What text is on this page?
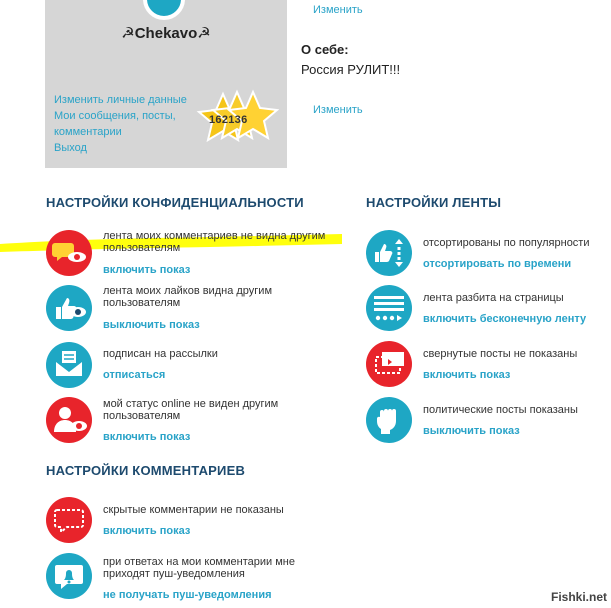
☭Chekavo☭
Изменить личные данные
Мои сообщения, посты,
комментарии
Выход
162136
Изменить
О себе:
Россия РУЛИТ!!!
Изменить
НАСТРОЙКИ КОНФИДЕНЦИАЛЬНОСТИ
лента моих комментариев не видна другим
пользователям
включить показ
лента моих лайков видна другим
пользователям
выключить показ
подписан на рассылки
отписаться
мой статус online не виден другим
пользователям
включить показ
НАСТРОЙКИ КОММЕНТАРИЕВ
скрытые комментарии не показаны
включить показ
при ответах на мои комментарии мне
приходят пуш-уведомления
не получать пуш-уведомления
НАСТРОЙКИ ЛЕНТЫ
отсортированы по популярности
отсортировать по времени
лента разбита на страницы
включить бесконечную ленту
свернутые посты не показаны
включить показ
политические посты показаны
выключить показ
Fishki.net
